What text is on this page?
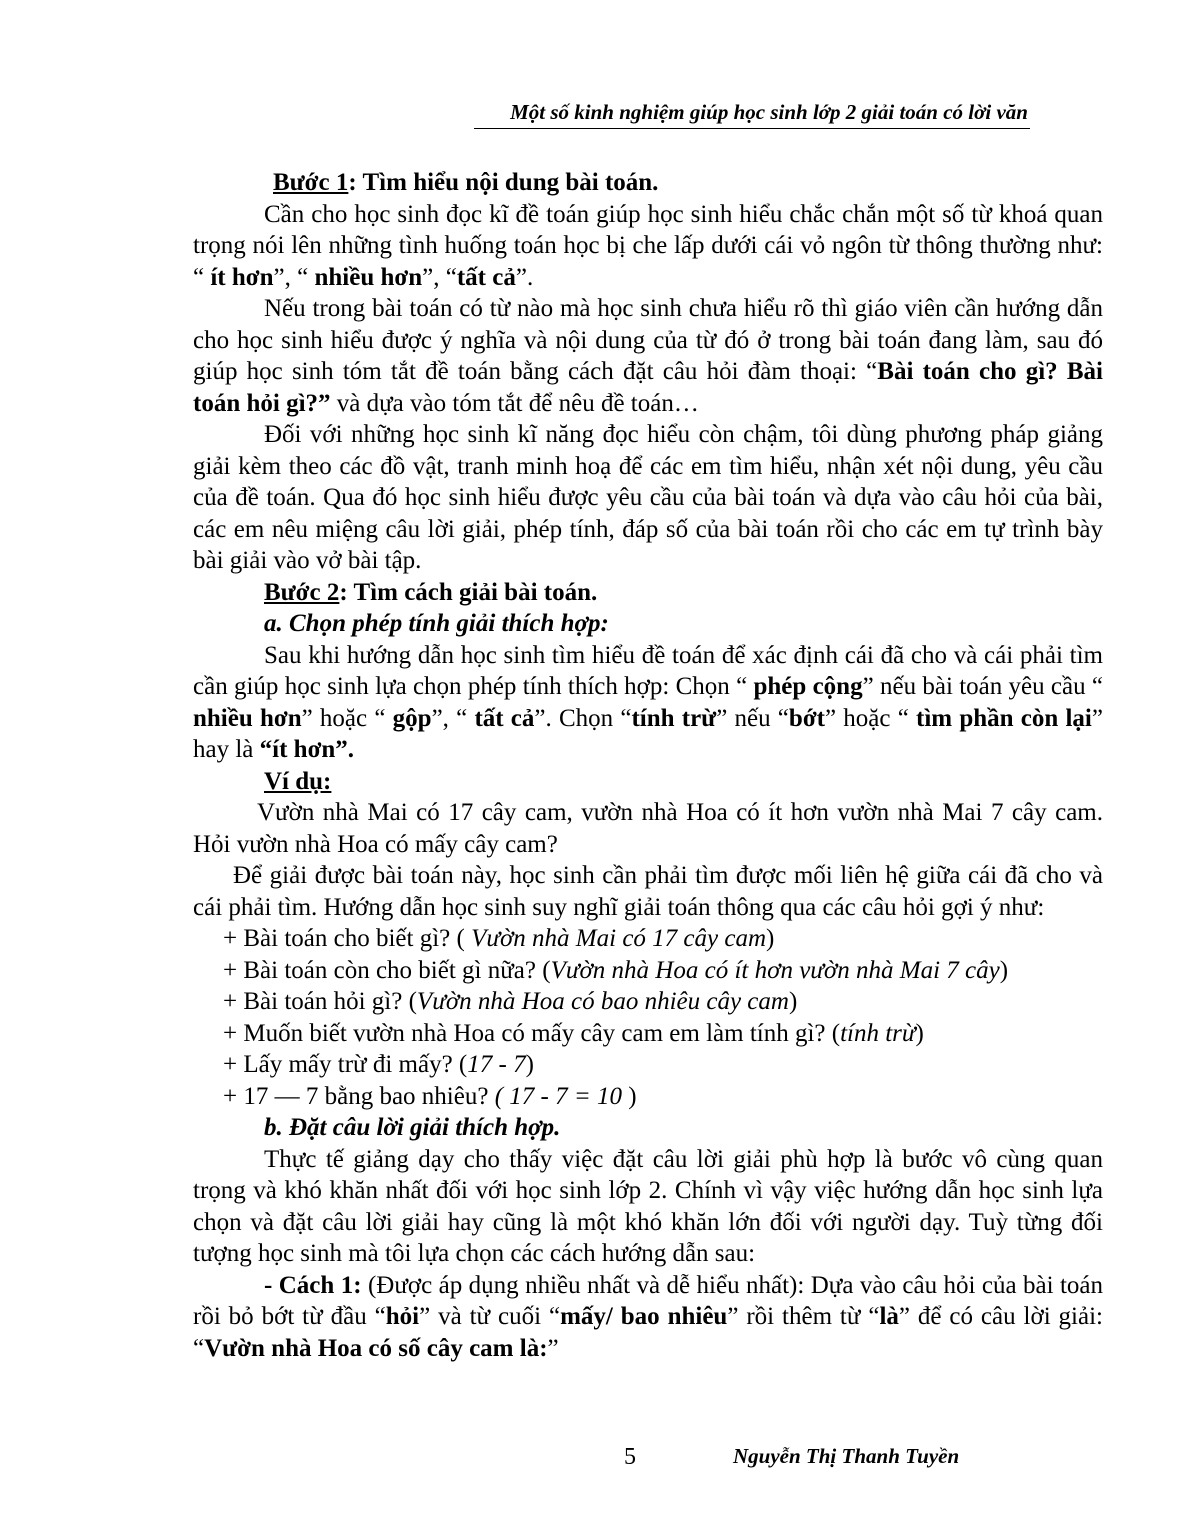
Một số kinh nghiệm giúp học sinh lớp 2 giải toán có lời văn

Bước 1: Tìm hiểu nội dung bài toán.

Cần cho học sinh đọc kĩ đề toán giúp học sinh hiểu chắc chắn một số từ khoá quan trọng nói lên những tình huống toán học bị che lấp dưới cái vỏ ngôn từ thông thường như: “ ít hơn”, “ nhiều hơn”, “tất cả”.

Nếu trong bài toán có từ nào mà học sinh chưa hiểu rõ thì giáo viên cần hướng dẫn cho học sinh hiểu được ý nghĩa và nội dung của từ đó ở trong bài toán đang làm, sau đó giúp học sinh tóm tắt đề toán bằng cách đặt câu hỏi đàm thoại: “Bài toán cho gì? Bài toán hỏi gì?” và dựa vào tóm tắt để nêu đề toán…

Đối với những học sinh kĩ năng đọc hiểu còn chậm, tôi dùng phương pháp giảng giải kèm theo các đồ vật, tranh minh hoạ để các em tìm hiểu, nhận xét nội dung, yêu cầu của đề toán. Qua đó học sinh hiểu được yêu cầu của bài toán và dựa vào câu hỏi của bài, các em nêu miệng câu lời giải, phép tính, đáp số của bài toán rồi cho các em tự trình bày bài giải vào vở bài tập.

Bước 2: Tìm cách giải bài toán.

a. Chọn phép tính giải thích hợp:

Sau khi hướng dẫn học sinh tìm hiểu đề toán để xác định cái đã cho và cái phải tìm cần giúp học sinh lựa chọn phép tính thích hợp: Chọn “ phép cộng” nếu bài toán yêu cầu “ nhiều hơn” hoặc “ gộp”, “ tất cả”. Chọn “tính trừ” nếu “bớt” hoặc “ tìm phần còn lại” hay là “ít hơn”.

Ví dụ:

Vườn nhà Mai có 17 cây cam, vườn nhà Hoa có ít hơn vườn nhà Mai 7 cây cam. Hỏi vườn nhà Hoa có mấy cây cam?

Để giải được bài toán này, học sinh cần phải tìm được mối liên hệ giữa cái đã cho và cái phải tìm. Hướng dẫn học sinh suy nghĩ giải toán thông qua các câu hỏi gợi ý như:

+ Bài toán cho biết gì? ( Vườn nhà Mai có 17 cây cam)

+ Bài toán còn cho biết gì nữa? (Vườn nhà Hoa có ít hơn vườn nhà Mai 7 cây)

+ Bài toán hỏi gì? (Vườn nhà Hoa có bao nhiêu cây cam)

+ Muốn biết vườn nhà Hoa có mấy cây cam em làm tính gì? (tính trừ)

+ Lấy mấy trừ đi mấy? (17 - 7)

+ 17 — 7 bằng bao nhiêu? ( 17 - 7 = 10 )

b. Đặt câu lời giải thích hợp.

Thực tế giảng dạy cho thấy việc đặt câu lời giải phù hợp là bước vô cùng quan trọng và khó khăn nhất đối với học sinh lớp 2. Chính vì vậy việc hướng dẫn học sinh lựa chọn và đặt câu lời giải hay cũng là một khó khăn lớn đối với người dạy. Tuỳ từng đối tượng học sinh mà tôi lựa chọn các cách hướng dẫn sau:

- Cách 1: (Được áp dụng nhiều nhất và dễ hiểu nhất): Dựa vào câu hỏi của bài toán rồi bỏ bớt từ đầu “hỏi” và từ cuối “mấy/ bao nhiêu” rồi thêm từ “là” để có câu lời giải: “Vườn nhà Hoa có số cây cam là:”

5	Nguyễn Thị Thanh Tuyền
